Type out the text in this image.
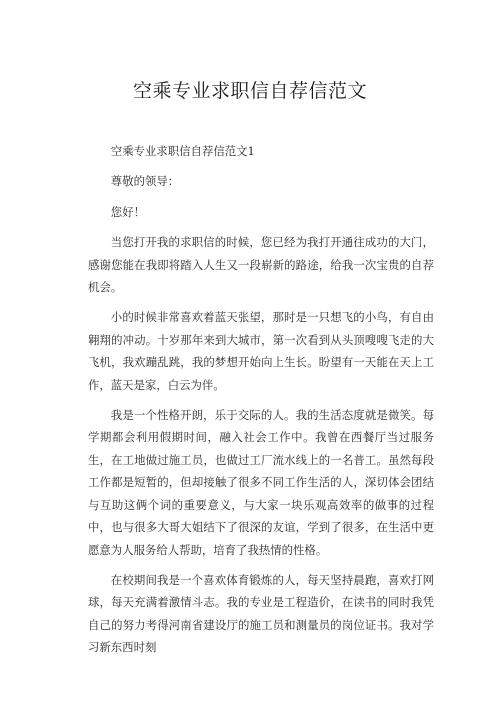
空乘专业求职信自荐信范文

空乘专业求职信自荐信范文1

尊敬的领导：

您好！

当您打开我的求职信的时候，您已经为我打开通往成功的大门，感谢您能在我即将踏入人生又一段崭新的路途，给我一次宝贵的自荐机会。

小的时候非常喜欢着蓝天张望，那时是一只想飞的小鸟，有自由翱翔的冲动。十岁那年来到大城市，第一次看到从头顶嗖嗖飞走的大飞机，我欢蹦乱跳，我的梦想开始向上生长。盼望有一天能在天上工作，蓝天是家，白云为伴。

我是一个性格开朗，乐于交际的人。我的生活态度就是微笑。每学期都会利用假期时间，融入社会工作中。我曾在西餐厅当过服务生，在工地做过施工员，也做过工厂流水线上的一名普工。虽然每段工作都是短暂的，但却接触了很多不同工作生活的人，深切体会团结与互助这俩个词的重要意义，与大家一块乐观高效率的做事的过程中，也与很多大哥大姐结下了很深的友谊，学到了很多，在生活中更愿意为人服务给人帮助，培育了我热情的性格。

在校期间我是一个喜欢体育锻炼的人，每天坚持晨跑，喜欢打网球，每天充满着激情斗志。我的专业是工程造价，在读书的同时我凭自己的努力考得河南省建设厅的施工员和测量员的岗位证书。我对学习新东西时刻
